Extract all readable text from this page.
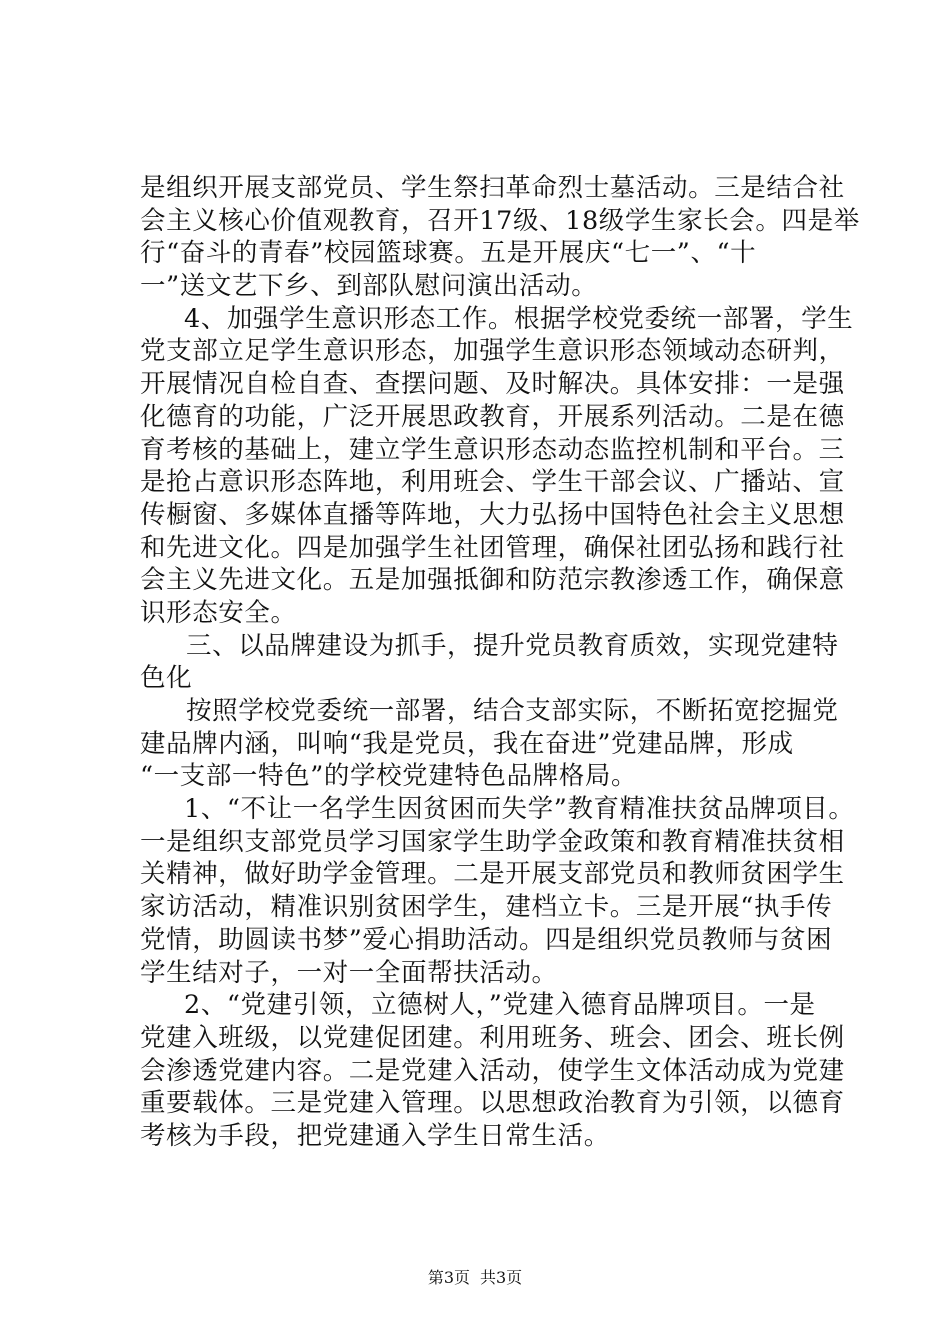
是组织开展支部党员、学生祭扫革命烈士墓活动。三是结合社
会主义核心价值观教育，召开17级、18级学生家长会。四是举
行“奋斗的青春”校园篮球赛。五是开展庆“七一”、“十
一”送文艺下乡、到部队慰问演出活动。
4、加强学生意识形态工作。根据学校党委统一部署，学生
党支部立足学生意识形态，加强学生意识形态领域动态研判，
开展情况自检自查、查摆问题、及时解决。具体安排：一是强
化德育的功能，广泛开展思政教育，开展系列活动。二是在德
育考核的基础上，建立学生意识形态动态监控机制和平台。三
是抢占意识形态阵地，利用班会、学生干部会议、广播站、宣
传橱窗、多媒体直播等阵地，大力弘扬中国特色社会主义思想
和先进文化。四是加强学生社团管理，确保社团弘扬和践行社
会主义先进文化。五是加强抵御和防范宗教渗透工作，确保意
识形态安全。
三、以品牌建设为抓手，提升党员教育质效，实现党建特
色化
按照学校党委统一部署，结合支部实际，不断拓宽挖掘党
建品牌内涵，叫响“我是党员，我在奋进”党建品牌，形成
“一支部一特色”的学校党建特色品牌格局。
1、“不让一名学生因贫困而失学”教育精准扶贫品牌项目。
一是组织支部党员学习国家学生助学金政策和教育精准扶贫相
关精神，做好助学金管理。二是开展支部党员和教师贫困学生
家访活动，精准识别贫困学生，建档立卡。三是开展“执手传
党情，助圆读书梦”爱心捐助活动。四是组织党员教师与贫困
学生结对子，一对一全面帮扶活动。
2、“党建引领，立德树人，”党建入德育品牌项目。一是
党建入班级，以党建促团建。利用班务、班会、团会、班长例
会渗透党建内容。二是党建入活动，使学生文体活动成为党建
重要载体。三是党建入管理。以思想政治教育为引领，以德育
考核为手段，把党建通入学生日常生活。
第3页 共3页
